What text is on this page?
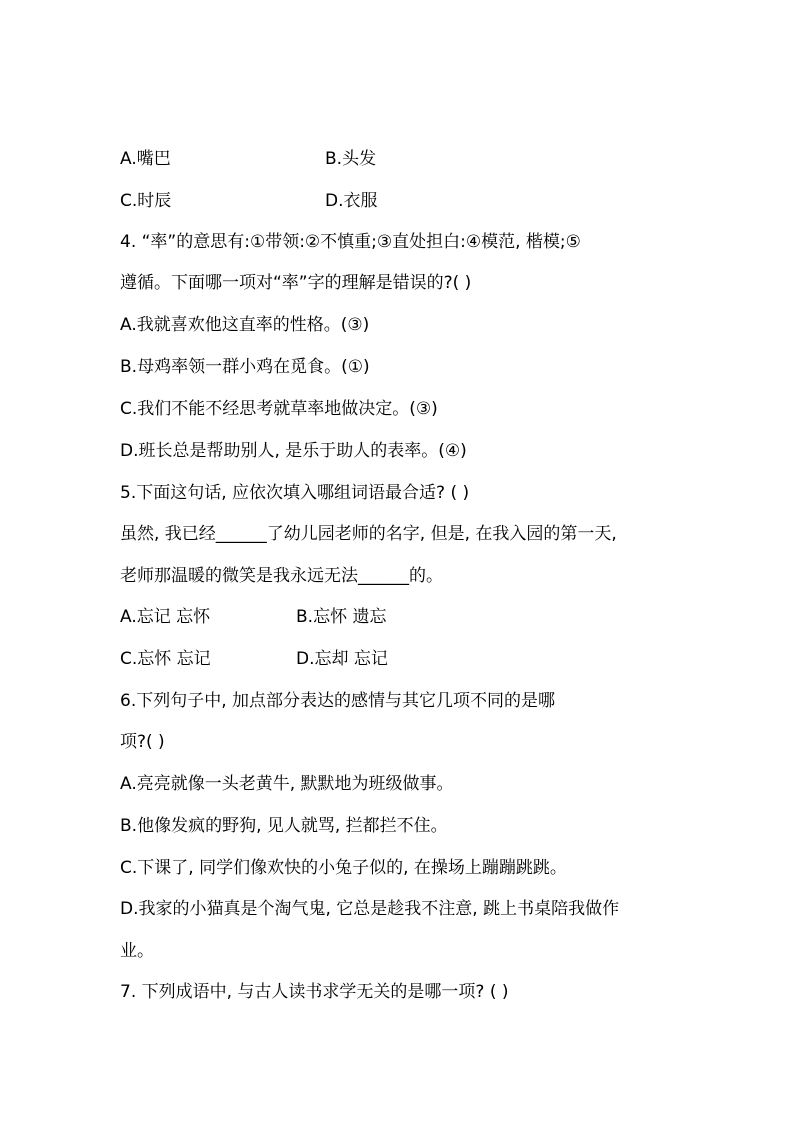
A.嘴巴	B.头发
C.时辰	D.衣服
4. “率”的意思有:①带领:②不慎重;③直处担白:④模范, 楷模;⑤
遵循。下面哪一项对“率”字的理解是错误的?( )
A.我就喜欢他这直率的性格。(③)
B.母鸡率领一群小鸡在觅食。(①)
C.我们不能不经思考就草率地做决定。(③)
D.班长总是帮助别人, 是乐于助人的表率。(④)
5.下面这句话, 应依次填入哪组词语最合适? ( )
虽然, 我已经______了幼儿园老师的名字, 但是, 在我入园的第一天,
老师那温暖的微笑是我永远无法______的。
A.忘记 忘怀	B.忘怀 遗忘
C.忘怀 忘记	D.忘却 忘记
6.下列句子中, 加点部分表达的感情与其它几项不同的是哪
项?( )
A.亮亮就像一头老黄牛, 默默地为班级做事。
B.他像发疯的野狗, 见人就骂, 拦都拦不住。
C.下课了, 同学们像欢快的小兔子似的, 在操场上蹦蹦跳跳。
D.我家的小猫真是个淘气鬼, 它总是趁我不注意, 跳上书桌陪我做作
业。
7. 下列成语中, 与古人读书求学无关的是哪一项? ( )
